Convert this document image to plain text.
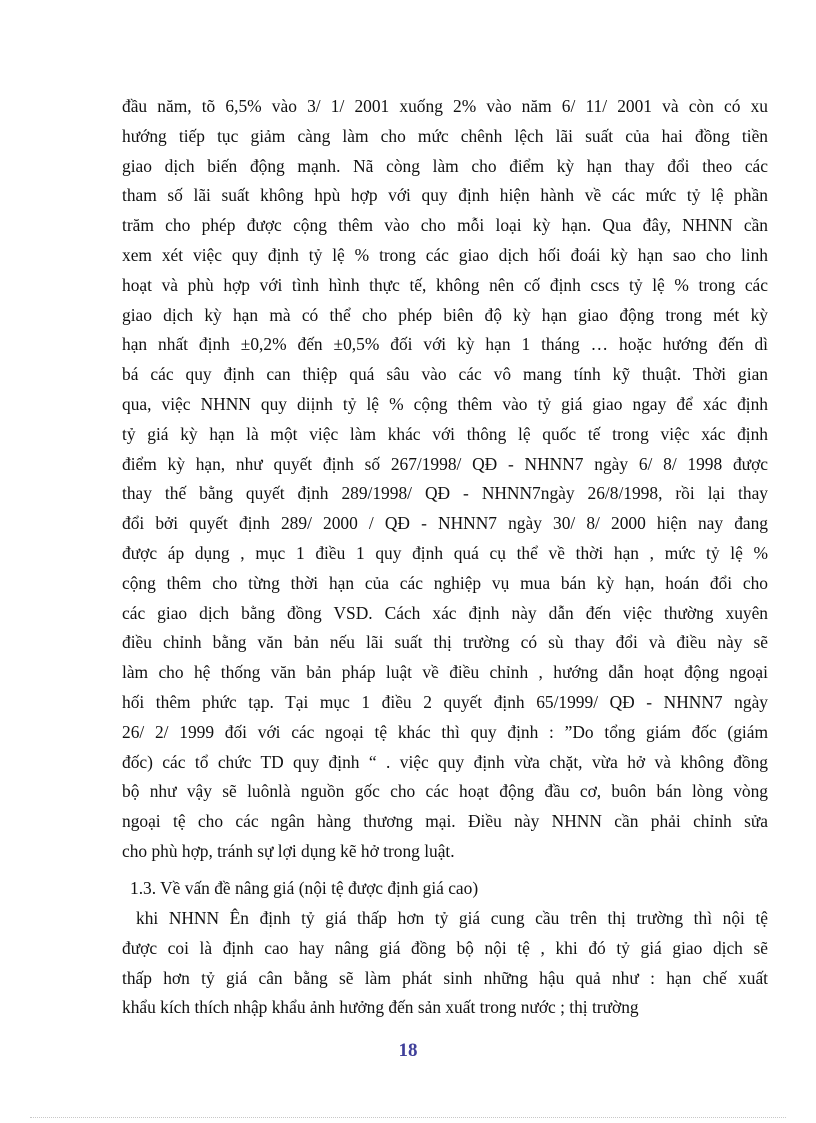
đầu năm, tõ 6,5% vào 3/ 1/ 2001 xuống 2% vào năm 6/ 11/ 2001 và còn có xu
hướng tiếp tục giảm càng làm cho mức chênh lệch lãi suất của hai đồng tiền
giao dịch biến động mạnh. Nã còng làm cho điểm kỳ hạn thay đổi theo các
tham số lãi suất không hpù hợp với quy định hiện hành về các mức tỷ lệ phần
trăm cho phép được cộng thêm vào cho mỗi loại kỳ hạn. Qua đây, NHNN cần
xem xét việc quy định tỷ lệ % trong các giao dịch hối đoái kỳ hạn sao cho linh
hoạt và phù hợp với tình hình thực tế, không nên cố định cscs tỷ lệ % trong các
giao dịch kỳ hạn mà có thể cho phép biên độ kỳ hạn giao động trong mét kỳ
hạn nhất định ±0,2% đến ±0,5% đối với kỳ hạn 1 tháng … hoặc hướng đến dì
bá các quy định can thiệp quá sâu vào các vô mang tính kỹ thuật. Thời gian
qua, việc NHNN quy diịnh tỷ lệ % cộng thêm vào tỷ giá giao ngay để xác định
tỷ giá kỳ hạn là một việc làm khác với thông lệ quốc tế trong việc xác định
điểm kỳ hạn, như quyết định số 267/1998/ QĐ - NHNN7 ngày 6/ 8/ 1998 được
thay thế bằng quyết định 289/1998/ QĐ - NHNN7ngày 26/8/1998, rồi lại thay
đổi bởi quyết định 289/ 2000 / QĐ - NHNN7 ngày 30/ 8/ 2000 hiện nay đang
được áp dụng , mục 1 điều 1 quy định quá cụ thể về thời hạn , mức tỷ lệ %
cộng thêm cho từng thời hạn của các nghiệp vụ mua bán kỳ hạn, hoán đổi cho
các giao dịch bằng đồng VSD. Cách xác định này dẫn đến việc thường xuyên
điều chỉnh bằng văn bản nếu lãi suất thị trường có sù thay đổi và điều này sẽ
làm cho hệ thống văn bản pháp luật về điều chỉnh , hướng dẫn hoạt động ngoại
hối thêm phức tạp. Tại mục 1 điều 2 quyết định 65/1999/ QĐ - NHNN7 ngày
26/ 2/ 1999 đối với các ngoại tệ khác thì quy định : ”Do tổng giám đốc (giám
đốc) các tổ chức TD quy định “ . việc quy định vừa chặt, vừa hở và không đồng
bộ như vậy sẽ luônlà nguồn gốc cho các hoạt động đầu cơ, buôn bán lòng vòng
ngoại tệ cho các ngân hàng thương mại. Điều này NHNN cần phải chỉnh sửa
cho phù hợp, tránh sự lợi dụng kẽ hở trong luật.
1.3. Về vấn đề nâng giá (nội tệ được định giá cao)
khi NHNN Ên định tỷ giá thấp hơn tỷ giá cung cầu trên thị trường thì nội tệ
được coi là định cao hay nâng giá đồng bộ nội tệ , khi đó tỷ giá giao dịch sẽ
thấp hơn tỷ giá cân bằng sẽ làm phát sinh những hậu quả như : hạn chế xuất
khẩu kích thích nhập khẩu ảnh hưởng đến sản xuất trong nước ; thị trường
18
